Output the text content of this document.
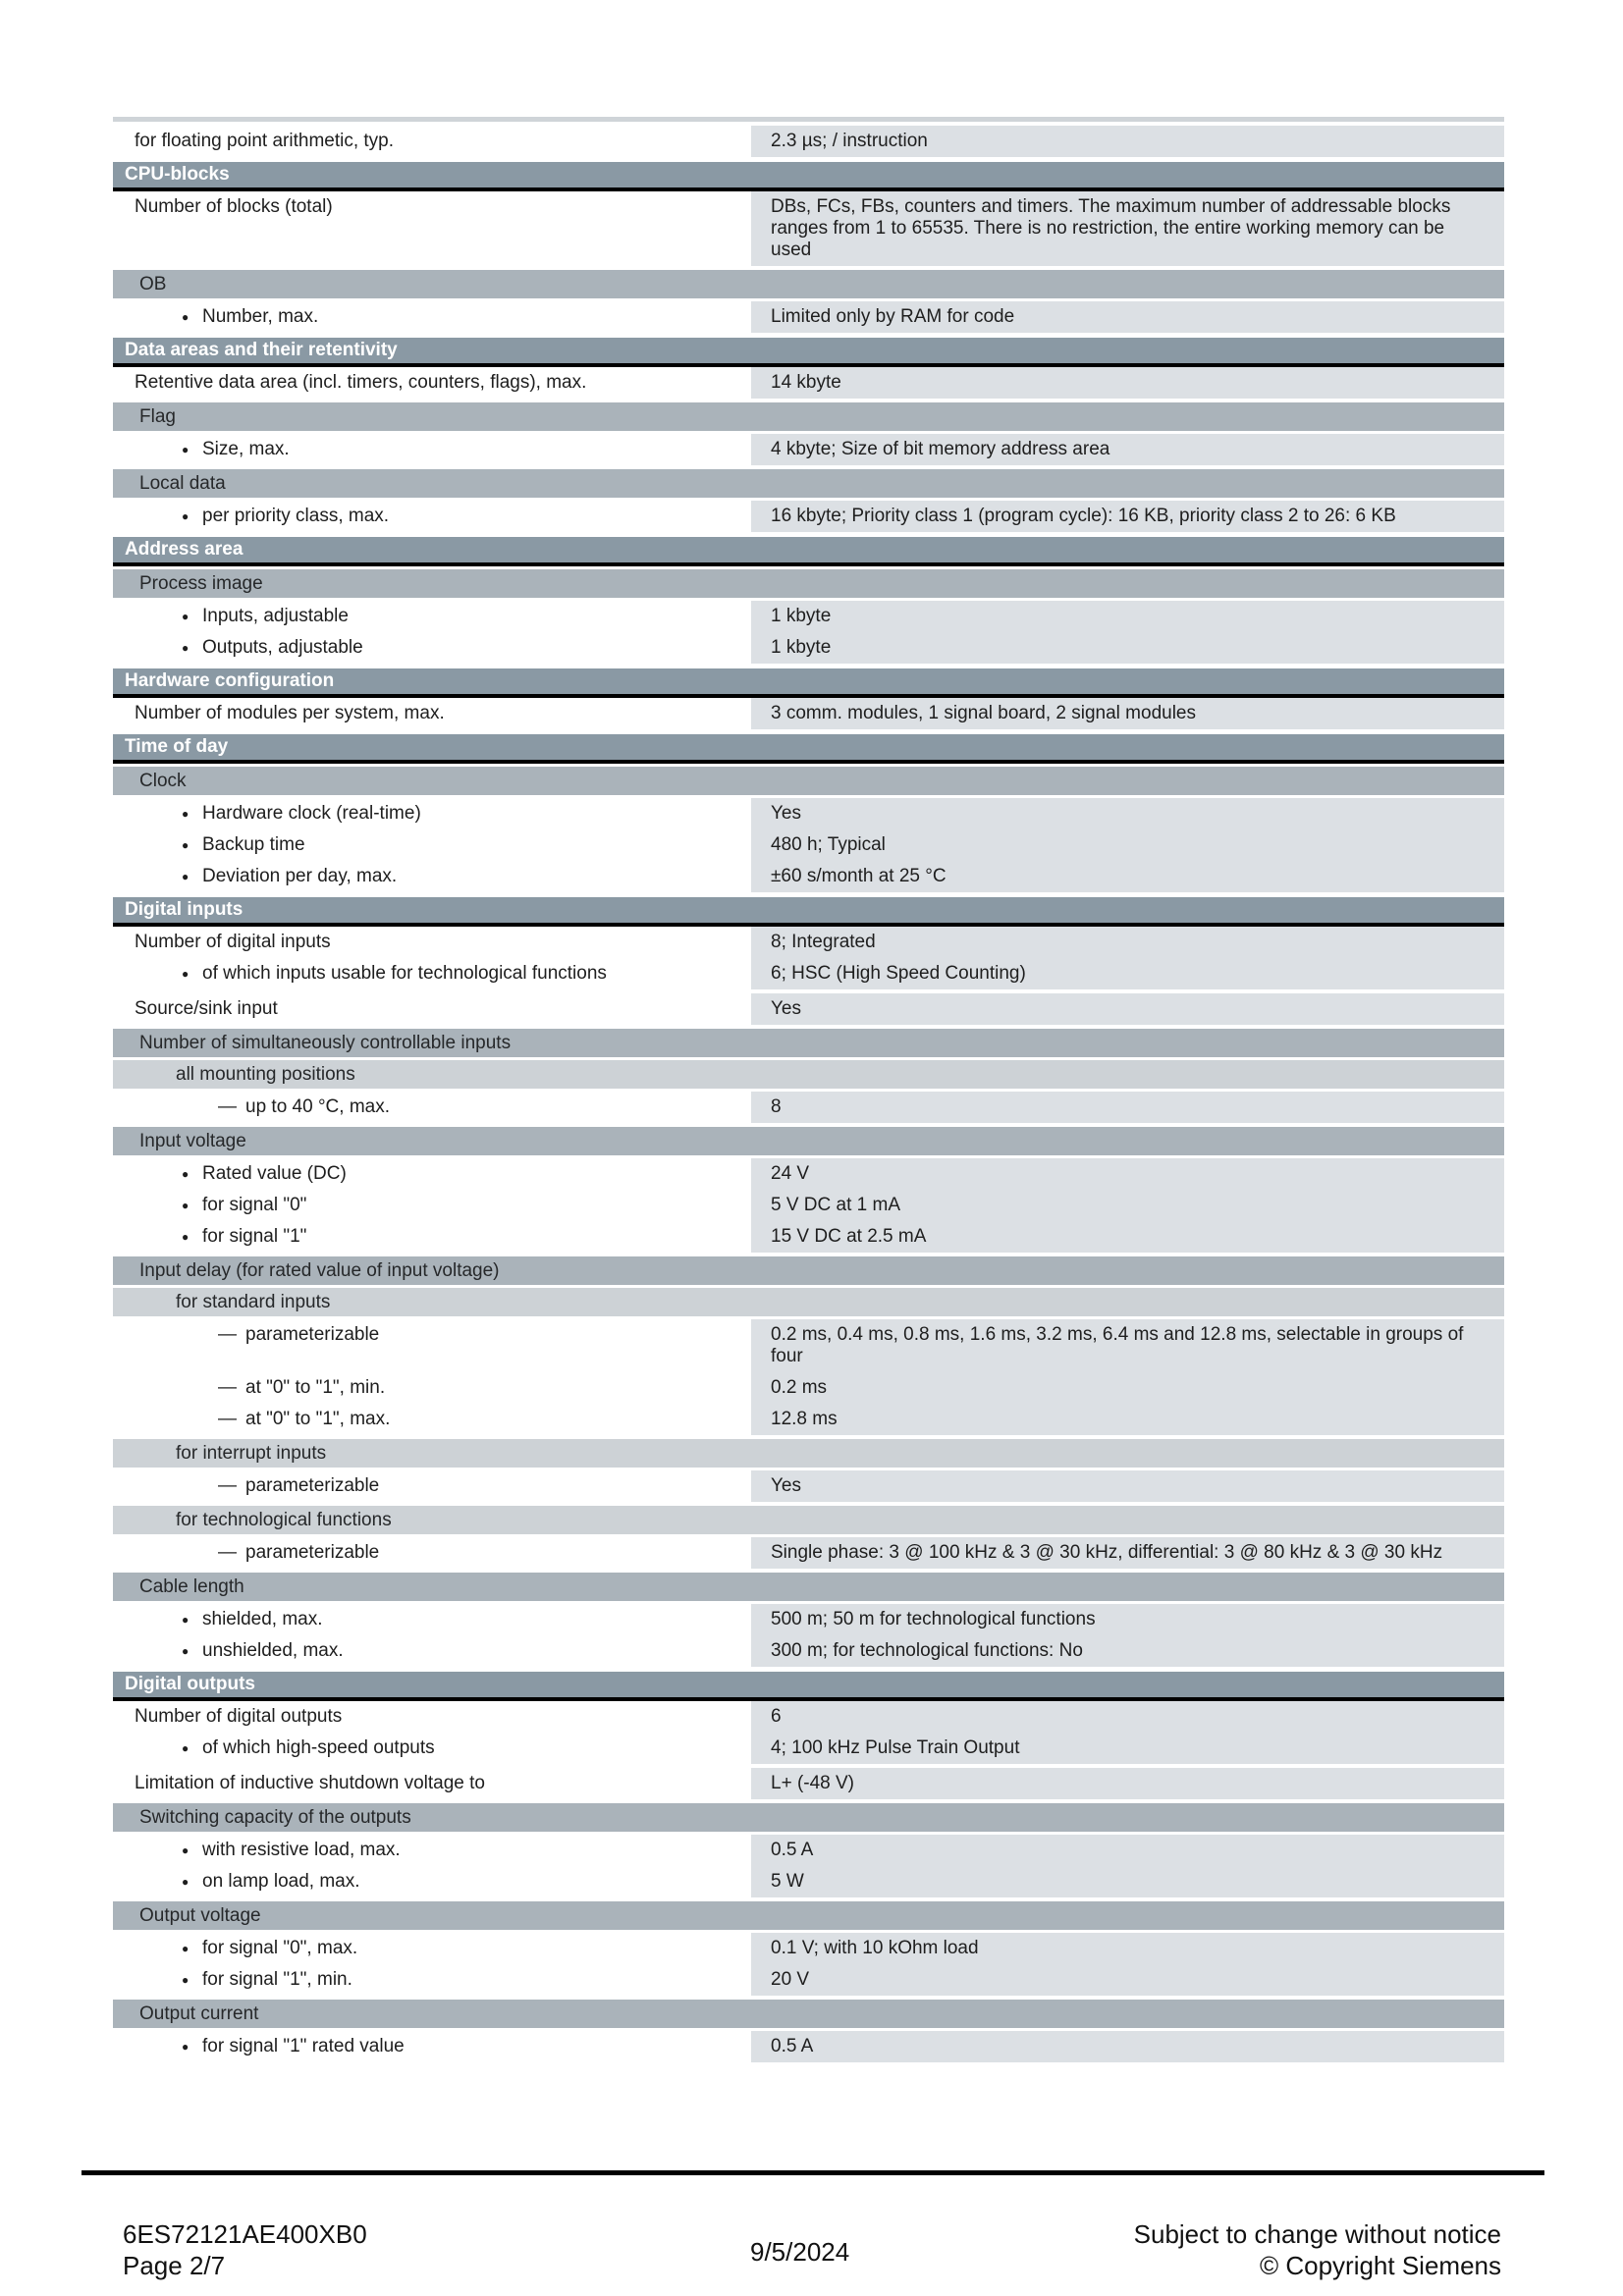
for floating point arithmetic, typ.	2.3 µs; / instruction
CPU-blocks
Number of blocks (total)	DBs, FCs, FBs, counters and timers. The maximum number of addressable blocks ranges from 1 to 65535. There is no restriction, the entire working memory can be used
OB
● Number, max.	Limited only by RAM for code
Data areas and their retentivity
Retentive data area (incl. timers, counters, flags), max.	14 kbyte
Flag
● Size, max.	4 kbyte; Size of bit memory address area
Local data
● per priority class, max.	16 kbyte; Priority class 1 (program cycle): 16 KB, priority class 2 to 26: 6 KB
Address area
Process image
● Inputs, adjustable	1 kbyte
● Outputs, adjustable	1 kbyte
Hardware configuration
Number of modules per system, max.	3 comm. modules, 1 signal board, 2 signal modules
Time of day
Clock
● Hardware clock (real-time)	Yes
● Backup time	480 h; Typical
● Deviation per day, max.	±60 s/month at 25 °C
Digital inputs
Number of digital inputs	8; Integrated
● of which inputs usable for technological functions	6; HSC (High Speed Counting)
Source/sink input	Yes
Number of simultaneously controllable inputs
all mounting positions
— up to 40 °C, max.	8
Input voltage
● Rated value (DC)	24 V
● for signal "0"	5 V DC at 1 mA
● for signal "1"	15 V DC at 2.5 mA
Input delay (for rated value of input voltage)
for standard inputs
— parameterizable	0.2 ms, 0.4 ms, 0.8 ms, 1.6 ms, 3.2 ms, 6.4 ms and 12.8 ms, selectable in groups of four
— at "0" to "1", min.	0.2 ms
— at "0" to "1", max.	12.8 ms
for interrupt inputs
— parameterizable	Yes
for technological functions
— parameterizable	Single phase: 3 @ 100 kHz & 3 @ 30 kHz, differential: 3 @ 80 kHz & 3 @ 30 kHz
Cable length
● shielded, max.	500 m; 50 m for technological functions
● unshielded, max.	300 m; for technological functions: No
Digital outputs
Number of digital outputs	6
● of which high-speed outputs	4; 100 kHz Pulse Train Output
Limitation of inductive shutdown voltage to	L+ (-48 V)
Switching capacity of the outputs
● with resistive load, max.	0.5 A
● on lamp load, max.	5 W
Output voltage
● for signal "0", max.	0.1 V; with 10 kOhm load
● for signal "1", min.	20 V
Output current
● for signal "1" rated value	0.5 A
6ES72121AE400XB0
Page 2/7	9/5/2024
Subject to change without notice
© Copyright Siemens
